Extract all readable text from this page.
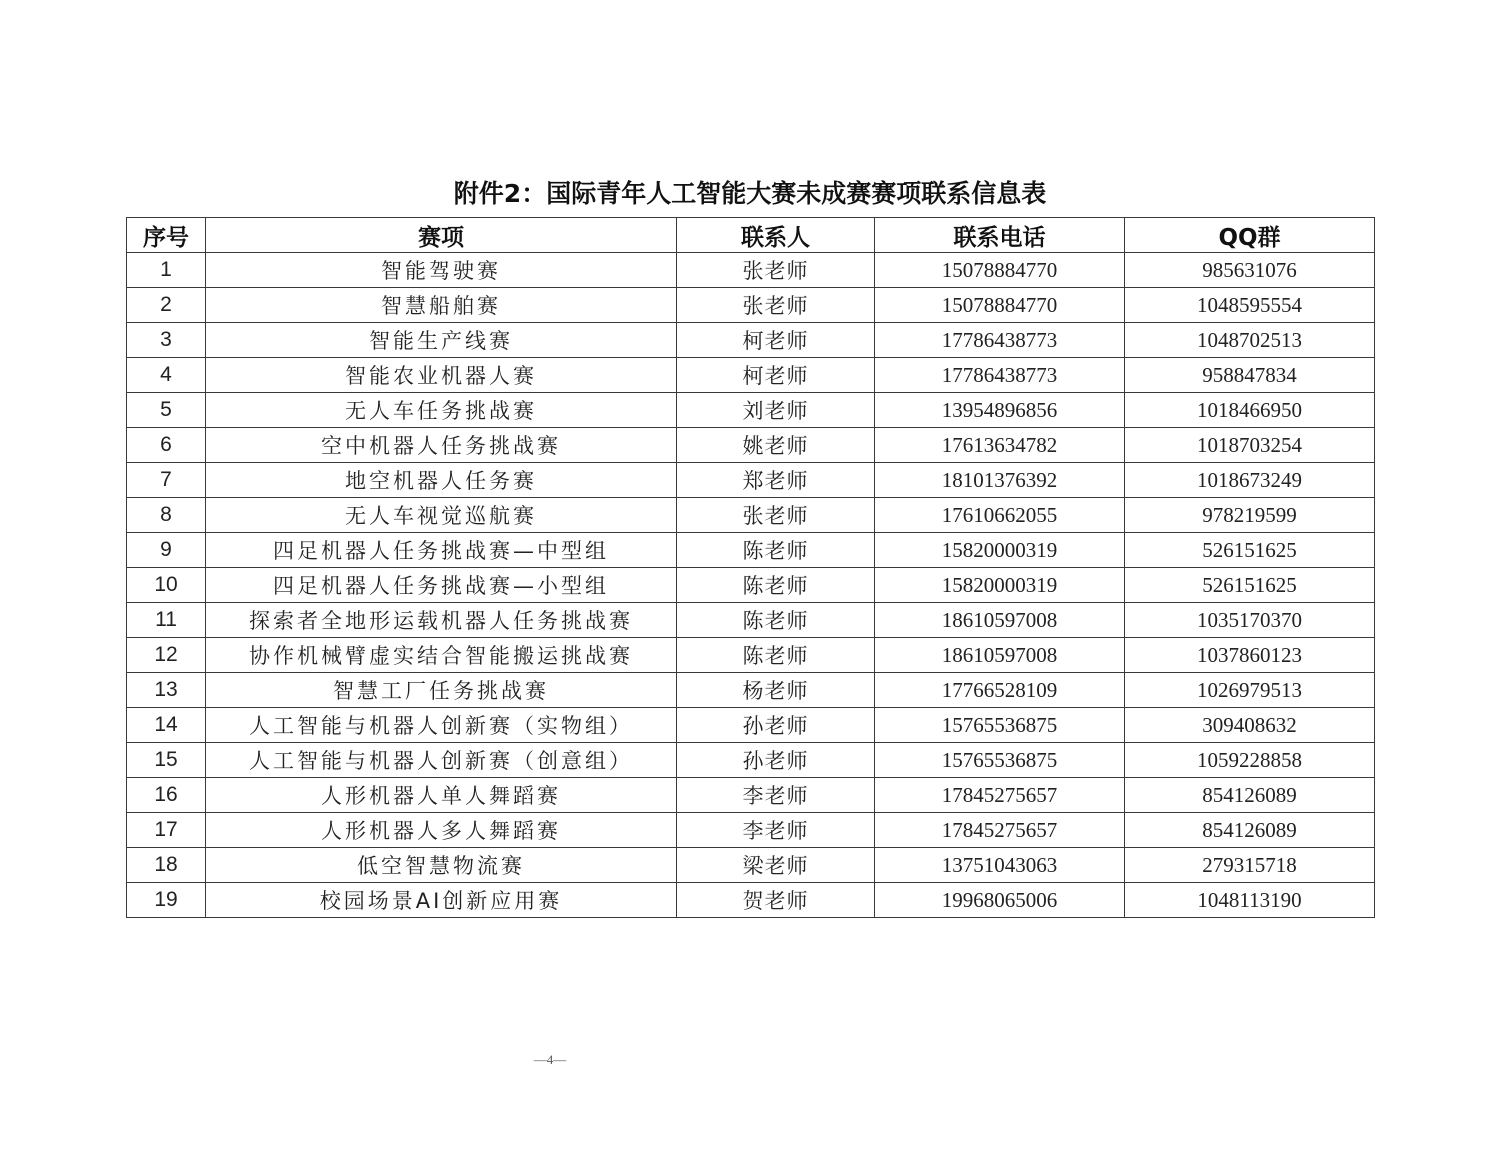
附件2：国际青年人工智能大赛未成赛赛项联系信息表
序号	赛项	联系人	联系电话	QQ群
1	智能驾驶赛	张老师	15078884770	985631076
2	智慧船舶赛	张老师	15078884770	1048595554
3	智能生产线赛	柯老师	17786438773	1048702513
4	智能农业机器人赛	柯老师	17786438773	958847834
5	无人车任务挑战赛	刘老师	13954896856	1018466950
6	空中机器人任务挑战赛	姚老师	17613634782	1018703254
7	地空机器人任务赛	郑老师	18101376392	1018673249
8	无人车视觉巡航赛	张老师	17610662055	978219599
9	四足机器人任务挑战赛—中型组	陈老师	15820000319	526151625
10	四足机器人任务挑战赛—小型组	陈老师	15820000319	526151625
11	探索者全地形运载机器人任务挑战赛	陈老师	18610597008	1035170370
12	协作机械臂虚实结合智能搬运挑战赛	陈老师	18610597008	1037860123
13	智慧工厂任务挑战赛	杨老师	17766528109	1026979513
14	人工智能与机器人创新赛（实物组）	孙老师	15765536875	309408632
15	人工智能与机器人创新赛（创意组）	孙老师	15765536875	1059228858
16	人形机器人单人舞蹈赛	李老师	17845275657	854126089
17	人形机器人多人舞蹈赛	李老师	17845275657	854126089
18	低空智慧物流赛	梁老师	13751043063	279315718
19	校园场景AI创新应用赛	贺老师	19968065006	1048113190
—4—
